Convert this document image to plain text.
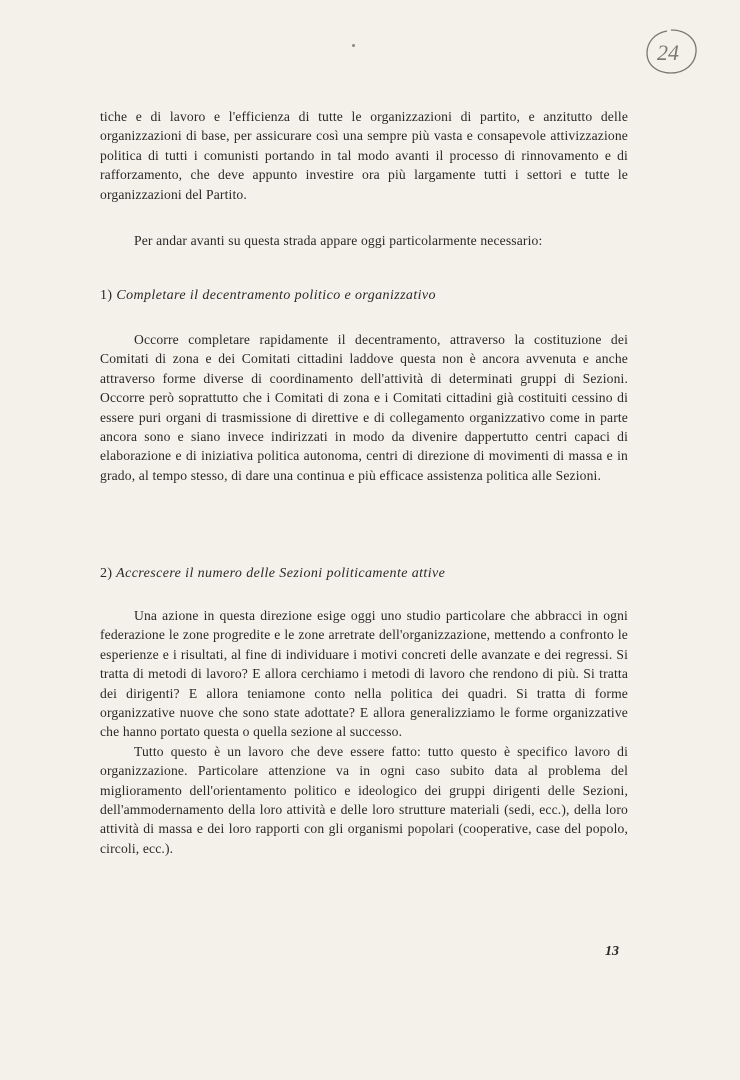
24

tiche e di lavoro e l'efficienza di tutte le organizzazioni di partito, e anzitutto delle organizzazioni di base, per assicurare così una sempre più vasta e consapevole attivizzazione politica di tutti i comunisti portando in tal modo avanti il processo di rinnovamento e di rafforzamento, che deve appunto investire ora più largamente tutti i settori e tutte le organizzazioni del Partito.

Per andar avanti su questa strada appare oggi particolarmente necessario:

1) Completare il decentramento politico e organizzativo

Occorre completare rapidamente il decentramento, attraverso la costituzione dei Comitati di zona e dei Comitati cittadini laddove questa non è ancora avvenuta e anche attraverso forme diverse di coordinamento dell'attività di determinati gruppi di Sezioni. Occorre però soprattutto che i Comitati di zona e i Comitati cittadini già costituiti cessino di essere puri organi di trasmissione di direttive e di collegamento organizzativo come in parte ancora sono e siano invece indirizzati in modo da divenire dappertutto centri capaci di elaborazione e di iniziativa politica autonoma, centri di direzione di movimenti di massa e in grado, al tempo stesso, di dare una continua e più efficace assistenza politica alle Sezioni.

2) Accrescere il numero delle Sezioni politicamente attive

Una azione in questa direzione esige oggi uno studio particolare che abbracci in ogni federazione le zone progredite e le zone arretrate dell'organizzazione, mettendo a confronto le esperienze e i risultati, al fine di individuare i motivi concreti delle avanzate e dei regressi. Si tratta di metodi di lavoro? E allora cerchiamo i metodi di lavoro che rendono di più. Si tratta dei dirigenti? E allora teniamone conto nella politica dei quadri. Si tratta di forme organizzative nuove che sono state adottate? E allora generalizziamo le forme organizzative che hanno portato questa o quella sezione al successo.

Tutto questo è un lavoro che deve essere fatto: tutto questo è specifico lavoro di organizzazione. Particolare attenzione va in ogni caso subito data al problema del miglioramento dell'orientamento politico e ideologico dei gruppi dirigenti delle Sezioni, dell'ammodernamento della loro attività e delle loro strutture materiali (sedi, ecc.), della loro attività di massa e dei loro rapporti con gli organismi popolari (cooperative, case del popolo, circoli, ecc.).

13
